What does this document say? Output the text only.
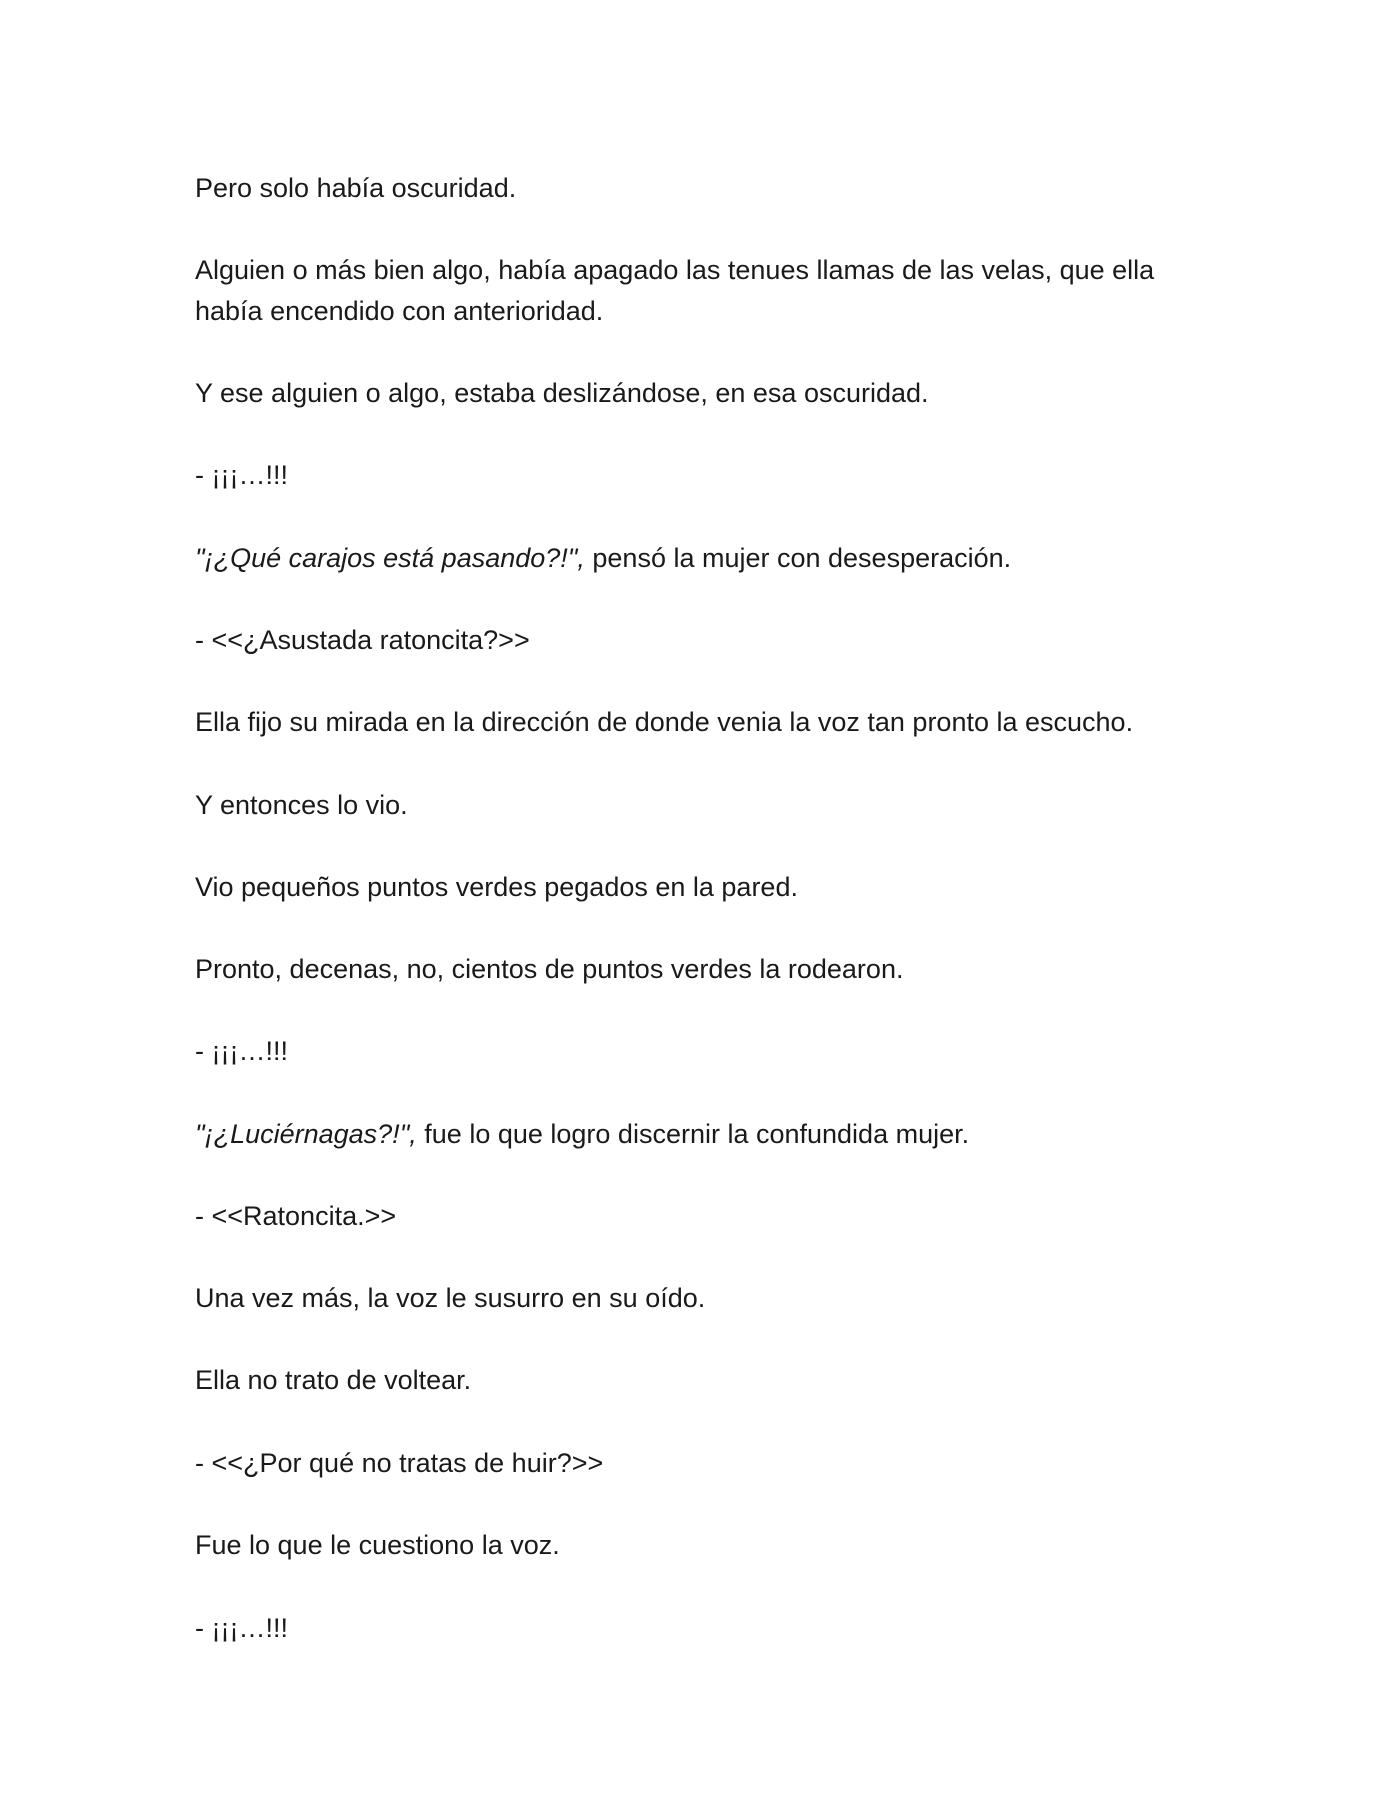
Pero solo había oscuridad.

Alguien o más bien algo, había apagado las tenues llamas de las velas, que ella había encendido con anterioridad.

Y ese alguien o algo, estaba deslizándose, en esa oscuridad.

- ¡¡¡…!!!

"¡¿Qué carajos está pasando?!", pensó la mujer con desesperación.

- <<¿Asustada ratoncita?>>

Ella fijo su mirada en la dirección de donde venia la voz tan pronto la escucho.

Y entonces lo vio.

Vio pequeños puntos verdes pegados en la pared.

Pronto, decenas, no, cientos de puntos verdes la rodearon.

- ¡¡¡…!!!

"¡¿Luciérnagas?!", fue lo que logro discernir la confundida mujer.

- <<Ratoncita.>>

Una vez más, la voz le susurro en su oído.

Ella no trato de voltear.

- <<¿Por qué no tratas de huir?>>

Fue lo que le cuestiono la voz.

- ¡¡¡…!!!
